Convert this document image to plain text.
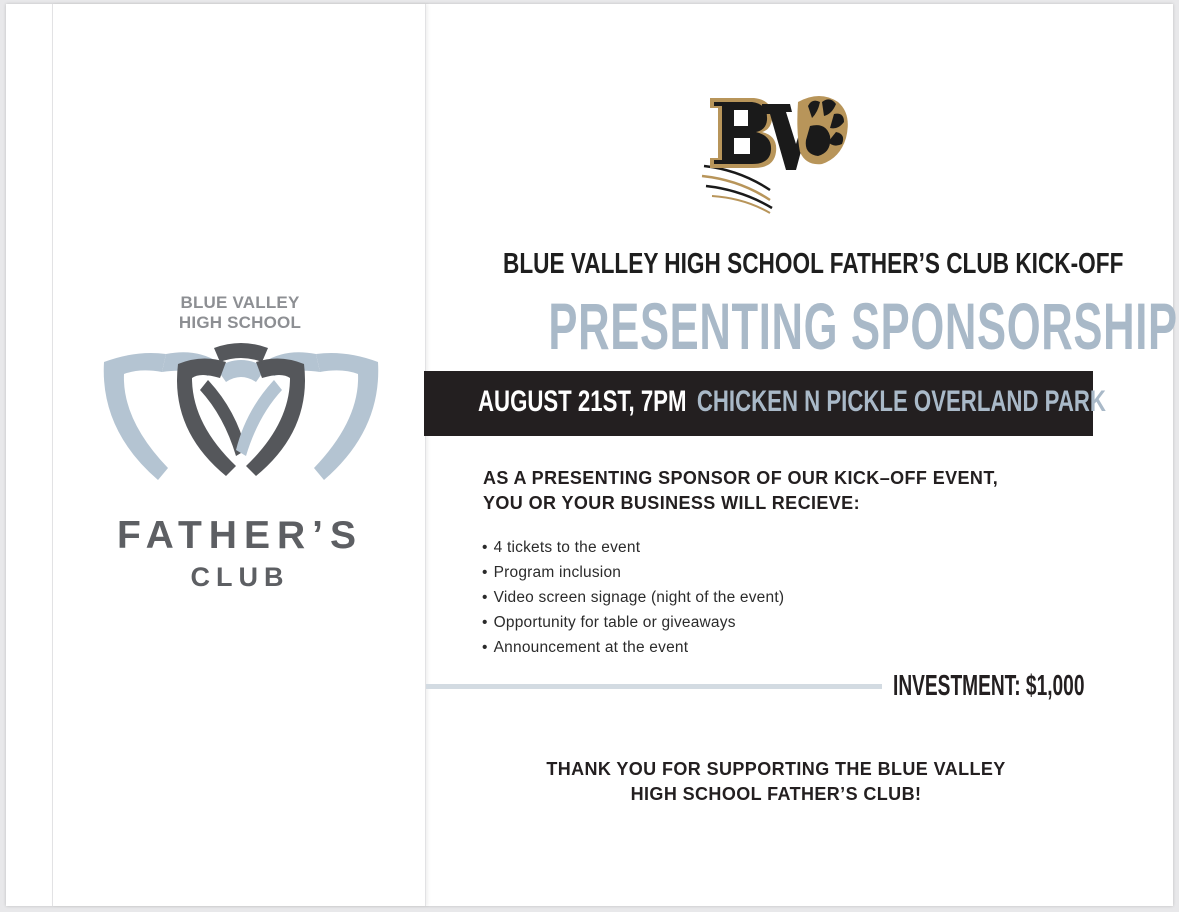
BLUE VALLEY
HIGH SCHOOL
FATHER’S
CLUB
BLUE VALLEY HIGH SCHOOL FATHER’S CLUB KICK-OFF
PRESENTING SPONSORSHIP
AUGUST 21ST, 7PM CHICKEN N PICKLE OVERLAND PARK
AS A PRESENTING SPONSOR OF OUR KICK–OFF EVENT,
YOU OR YOUR BUSINESS WILL RECIEVE:
• 4 tickets to the event
• Program inclusion
• Video screen signage (night of the event)
• Opportunity for table or giveaways
• Announcement at the event
INVESTMENT: $1,000
THANK YOU FOR SUPPORTING THE BLUE VALLEY
HIGH SCHOOL FATHER’S CLUB!
